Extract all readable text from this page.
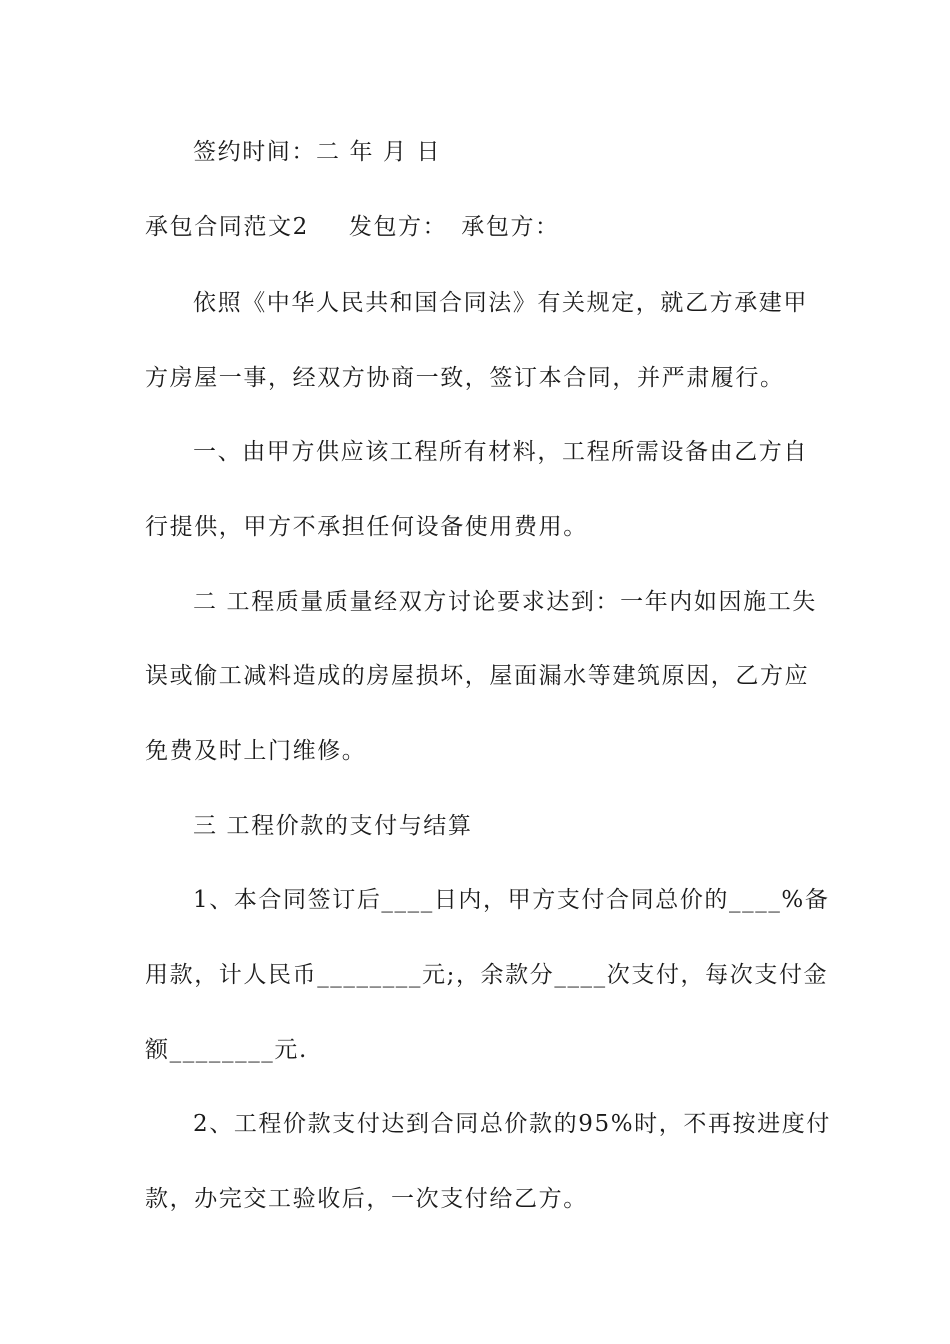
签约时间：二 年 月 日
承包合同范文2 发包方： 承包方：
依照《中华人民共和国合同法》有关规定，就乙方承建甲
方房屋一事，经双方协商一致，签订本合同，并严肃履行。
一、由甲方供应该工程所有材料，工程所需设备由乙方自
行提供，甲方不承担任何设备使用费用。
二 工程质量质量经双方讨论要求达到：一年内如因施工失
误或偷工减料造成的房屋损坏，屋面漏水等建筑原因，乙方应
免费及时上门维修。
三 工程价款的支付与结算
1、本合同签订后____日内，甲方支付合同总价的____%备
用款，计人民币________元;，余款分____次支付，每次支付金
额________元.
2、工程价款支付达到合同总价款的95%时，不再按进度付
款，办完交工验收后，一次支付给乙方。
